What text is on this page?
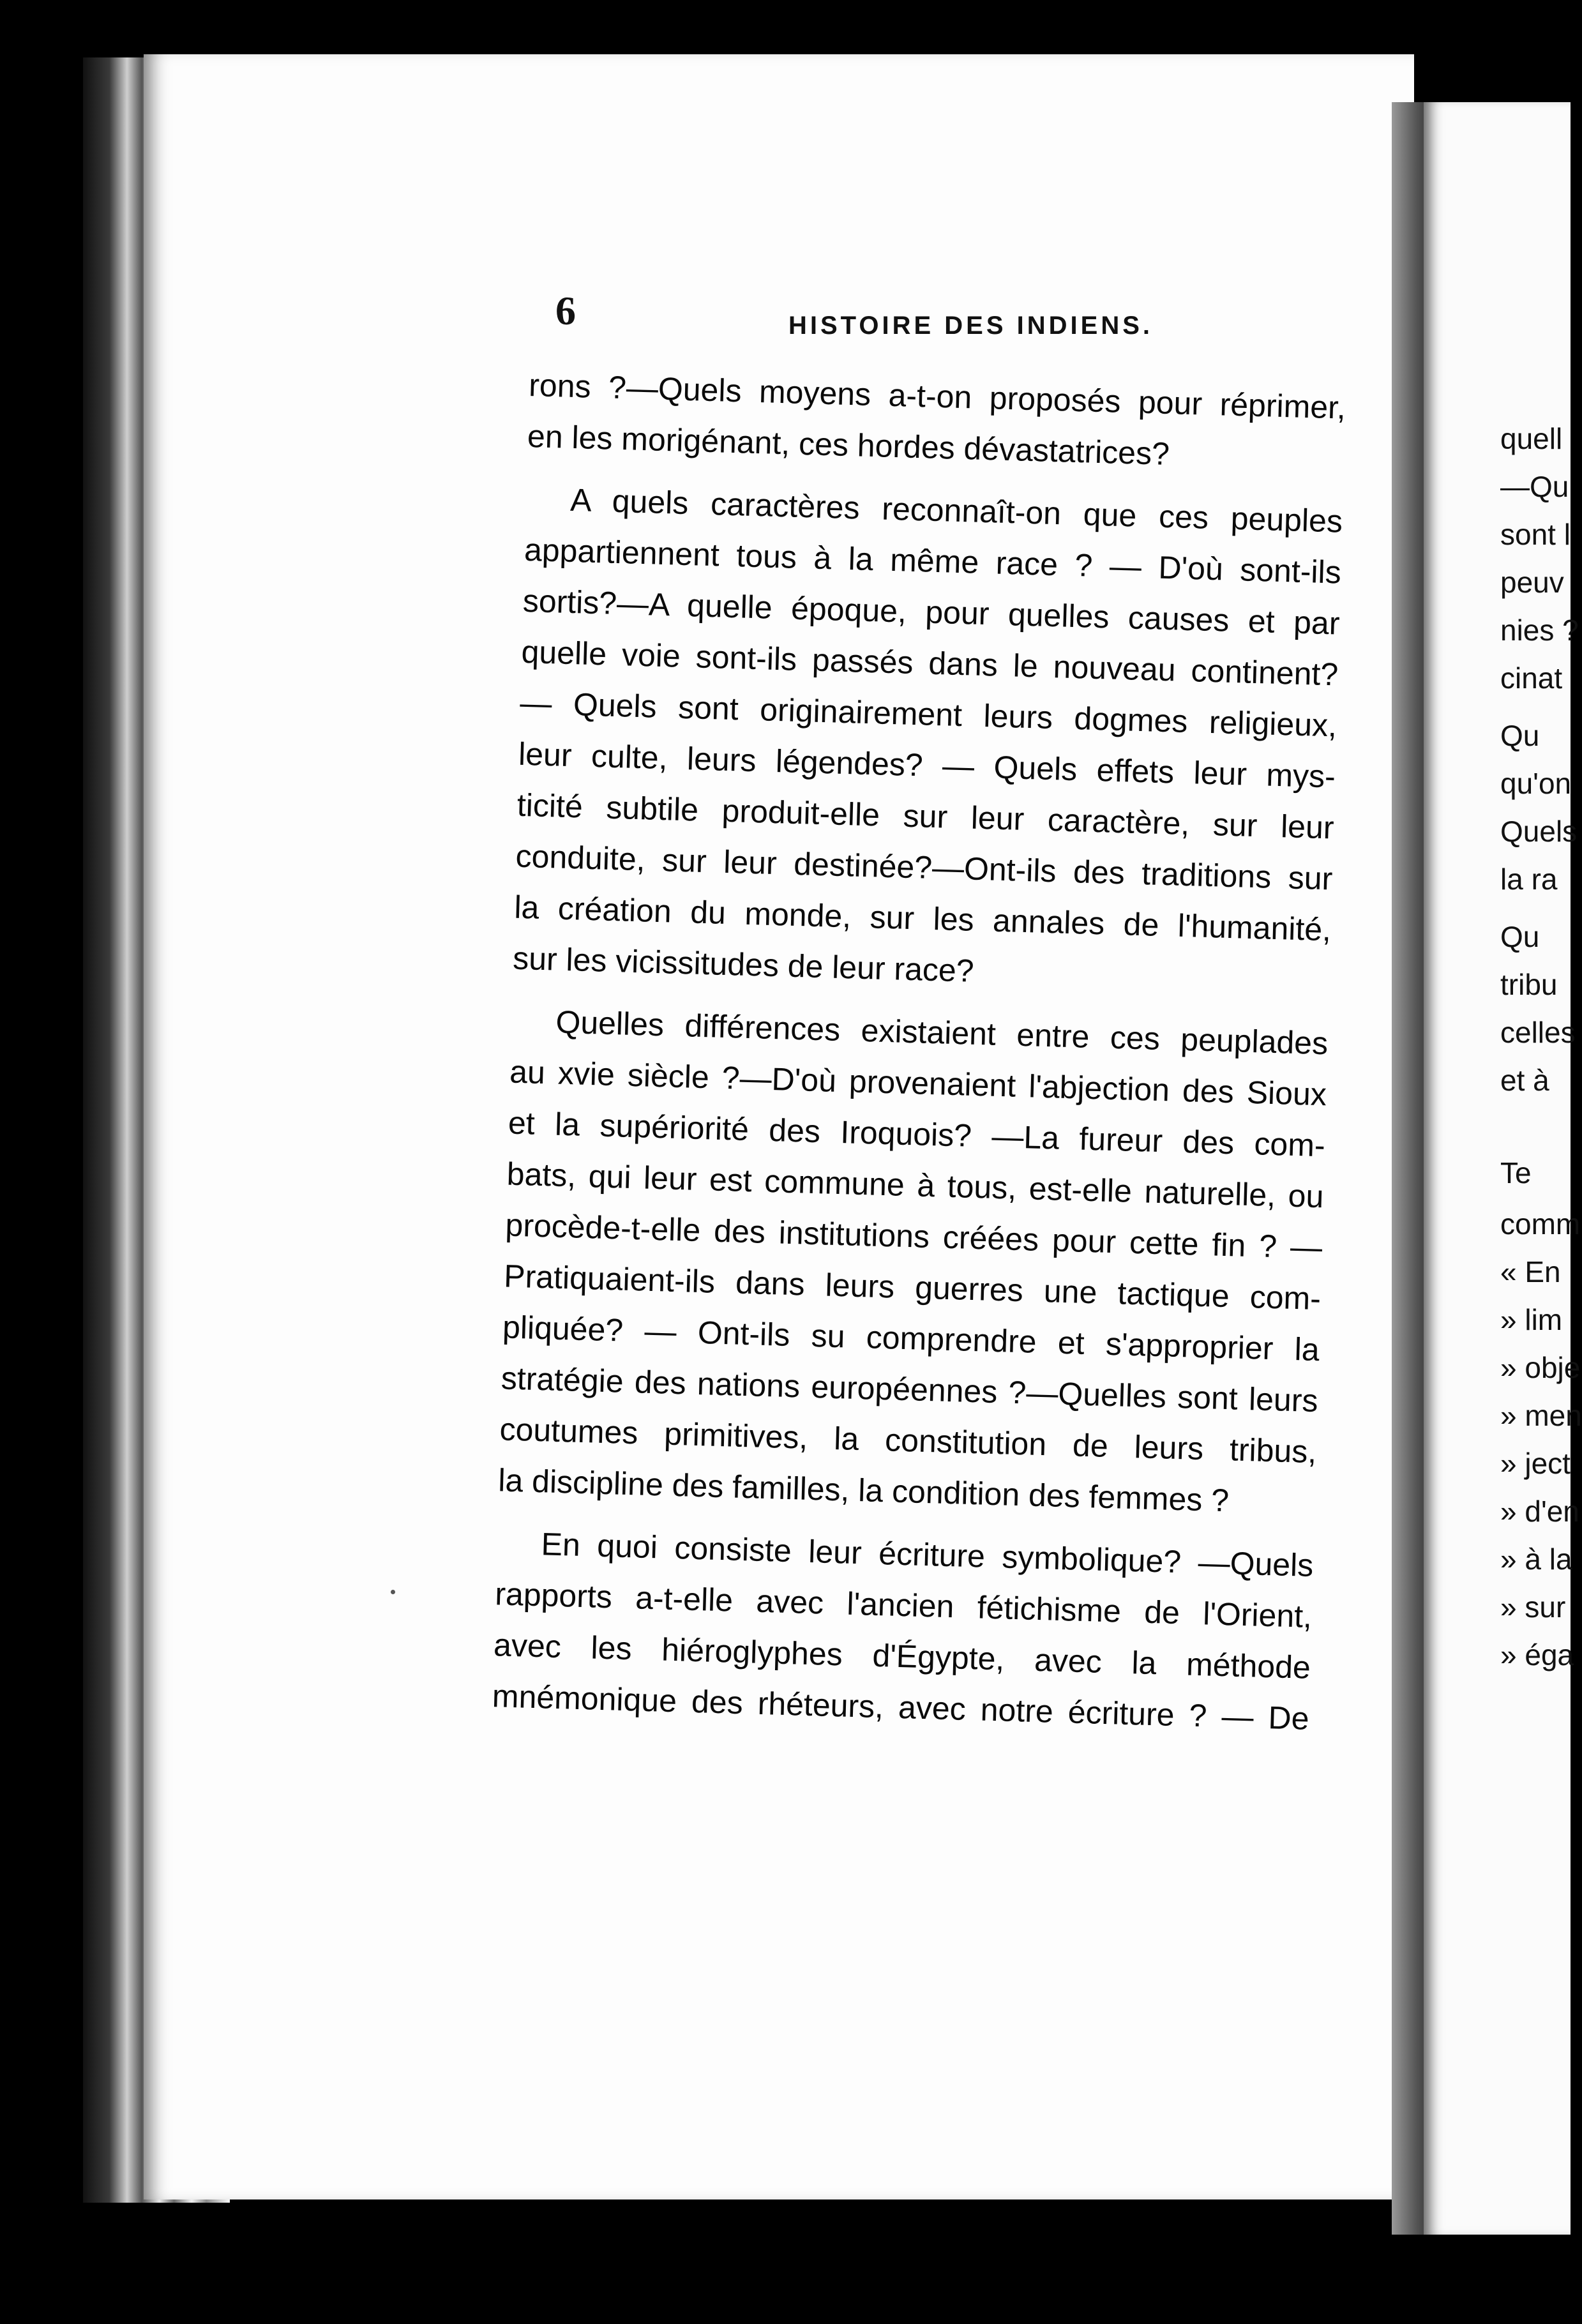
quell
—Qu
sont l
peuv
nies ?
cinat
Qu
qu'on
Quels
la ra
Qu
tribu
celles
et à
Te
comm
« En
» lim
» obje
» men
» ject
» d'en
» à la
» sur
» éga
6	HISTOIRE DES INDIENS.
rons ?—Quels moyens a-t-on proposés pour réprimer,
en les morigénant, ces hordes dévastatrices?
A quels caractères reconnaît-on que ces peuples
appartiennent tous à la même race ? — D'où sont-ils
sortis?—A quelle époque, pour quelles causes et par
quelle voie sont-ils passés dans le nouveau continent?
— Quels sont originairement leurs dogmes religieux,
leur culte, leurs légendes? — Quels effets leur mys-
ticité subtile produit-elle sur leur caractère, sur leur
conduite, sur leur destinée?—Ont-ils des traditions sur
la création du monde, sur les annales de l'humanité,
sur les vicissitudes de leur race?
Quelles différences existaient entre ces peuplades
au xvie siècle ?—D'où provenaient l'abjection des Sioux
et la supériorité des Iroquois? —La fureur des com-
bats, qui leur est commune à tous, est-elle naturelle, ou
procède-t-elle des institutions créées pour cette fin ? —
Pratiquaient-ils dans leurs guerres une tactique com-
pliquée? — Ont-ils su comprendre et s'approprier la
stratégie des nations européennes ?—Quelles sont leurs
coutumes primitives, la constitution de leurs tribus,
la discipline des familles, la condition des femmes ?
En quoi consiste leur écriture symbolique? —Quels
rapports a-t-elle avec l'ancien fétichisme de l'Orient,
avec les hiéroglyphes d'Égypte, avec la méthode
mnémonique des rhéteurs, avec notre écriture ? — De
